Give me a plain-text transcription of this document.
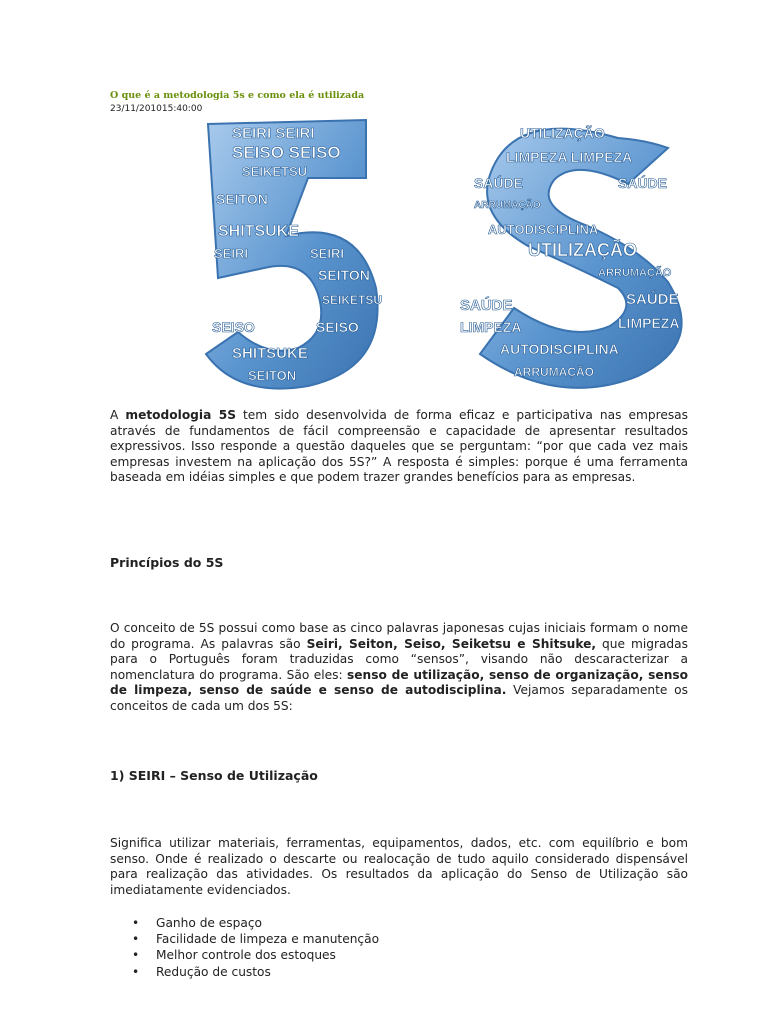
O que é a metodologia 5s e como ela é utilizada
23/11/201015:40:00
SEIRI SEIRI
SEISO SEISO
SEIKETSU
SEITON
SHITSUKE
SEIRI	SEIRI
SEITON
SEIKETSU
SEISO	SEISO
SHITSUKE
SEITON
UTILIZAÇÃO
LIMPEZA LIMPEZA
SAÚDE	SAÚDE
ARRUMAÇÃO
AUTODISCIPLINA
UTILIZAÇÃO
ARRUMAÇÃO
SAÚDE	SAÚDE
LIMPEZA	LIMPEZA
AUTODISCIPLINA
ARRUMAÇÃO

A metodologia 5S tem sido desenvolvida de forma eficaz e participativa nas empresas através de fundamentos de fácil compreensão e capacidade de apresentar resultados expressivos. Isso responde a questão daqueles que se perguntam: “por que cada vez mais empresas investem na aplicação dos 5S?” A resposta é simples: porque é uma ferramenta baseada em idéias simples e que podem trazer grandes benefícios para as empresas.

Princípios do 5S

O conceito de 5S possui como base as cinco palavras japonesas cujas iniciais formam o nome do programa. As palavras são Seiri, Seiton, Seiso, Seiketsu e Shitsuke, que migradas para o Português foram traduzidas como “sensos”, visando não descaracterizar a nomenclatura do programa. São eles: senso de utilização, senso de organização, senso de limpeza, senso de saúde e senso de autodisciplina. Vejamos separadamente os conceitos de cada um dos 5S:

1) SEIRI – Senso de Utilização

Significa utilizar materiais, ferramentas, equipamentos, dados, etc. com equilíbrio e bom senso. Onde é realizado o descarte ou realocação de tudo aquilo considerado dispensável para realização das atividades. Os resultados da aplicação do Senso de Utilização são imediatamente evidenciados.

• Ganho de espaço
• Facilidade de limpeza e manutenção
• Melhor controle dos estoques
• Redução de custos
